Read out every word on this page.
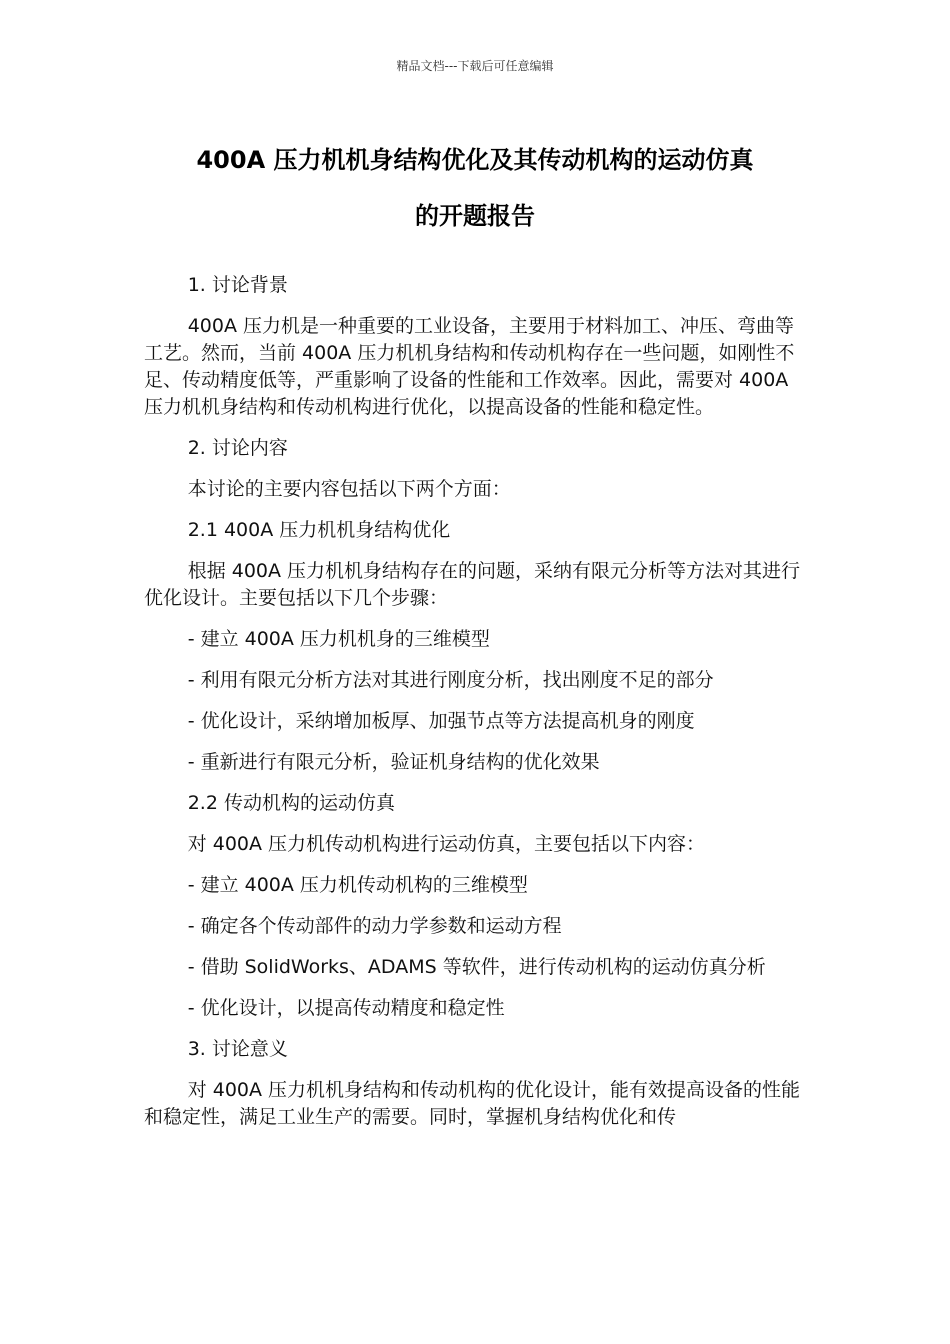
精品文档---下载后可任意编辑
400A 压力机机身结构优化及其传动机构的运动仿真
的开题报告

1. 讨论背景

400A 压力机是一种重要的工业设备，主要用于材料加工、冲压、弯曲等工艺。然而，当前 400A 压力机机身结构和传动机构存在一些问题，如刚性不足、传动精度低等，严重影响了设备的性能和工作效率。因此，需要对 400A 压力机机身结构和传动机构进行优化，以提高设备的性能和稳定性。

2. 讨论内容

本讨论的主要内容包括以下两个方面：

2.1 400A 压力机机身结构优化

根据 400A 压力机机身结构存在的问题，采纳有限元分析等方法对其进行优化设计。主要包括以下几个步骤：

- 建立 400A 压力机机身的三维模型

- 利用有限元分析方法对其进行刚度分析，找出刚度不足的部分

- 优化设计，采纳增加板厚、加强节点等方法提高机身的刚度

- 重新进行有限元分析，验证机身结构的优化效果

2.2 传动机构的运动仿真

对 400A 压力机传动机构进行运动仿真，主要包括以下内容：

- 建立 400A 压力机传动机构的三维模型

- 确定各个传动部件的动力学参数和运动方程

- 借助 SolidWorks、ADAMS 等软件，进行传动机构的运动仿真分析

- 优化设计，以提高传动精度和稳定性

3. 讨论意义

对 400A 压力机机身结构和传动机构的优化设计，能有效提高设备的性能和稳定性，满足工业生产的需要。同时，掌握机身结构优化和传
